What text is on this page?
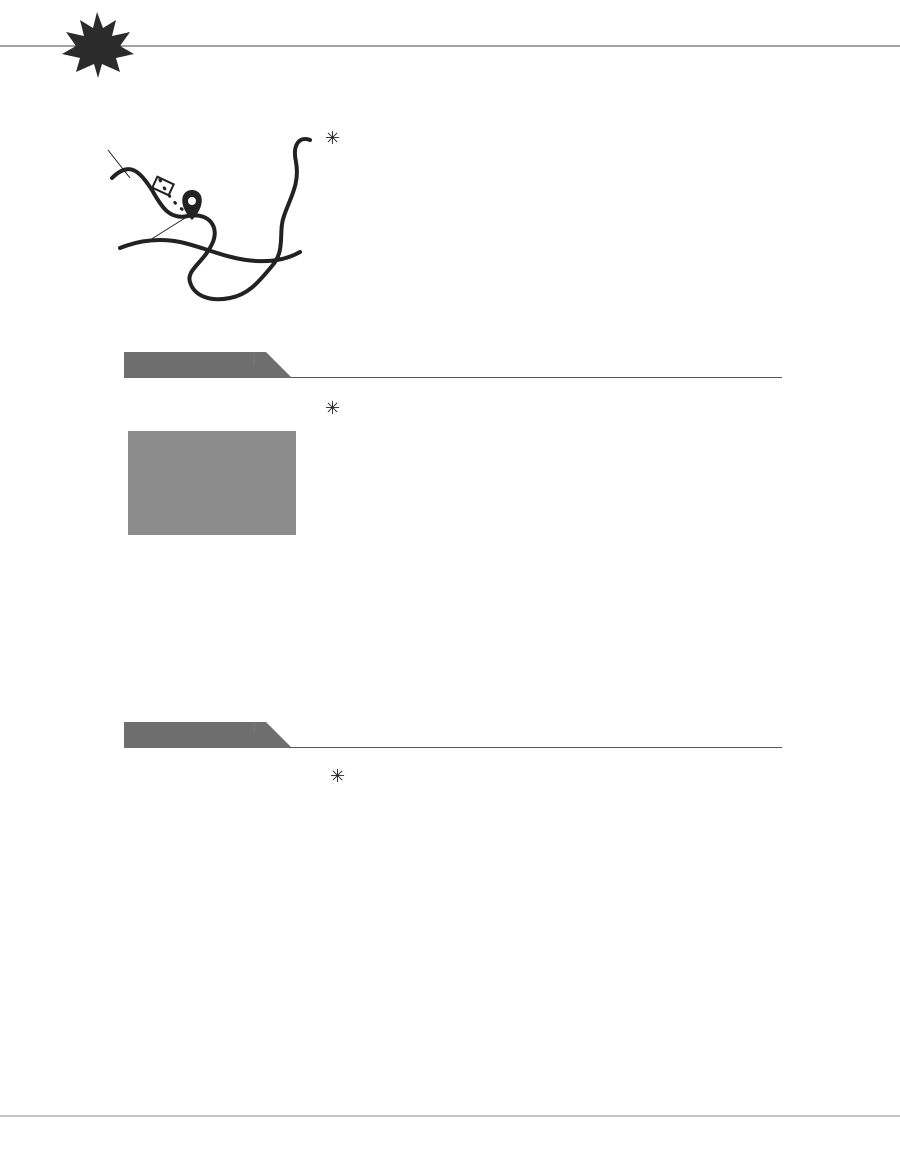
✳
✳
✳
